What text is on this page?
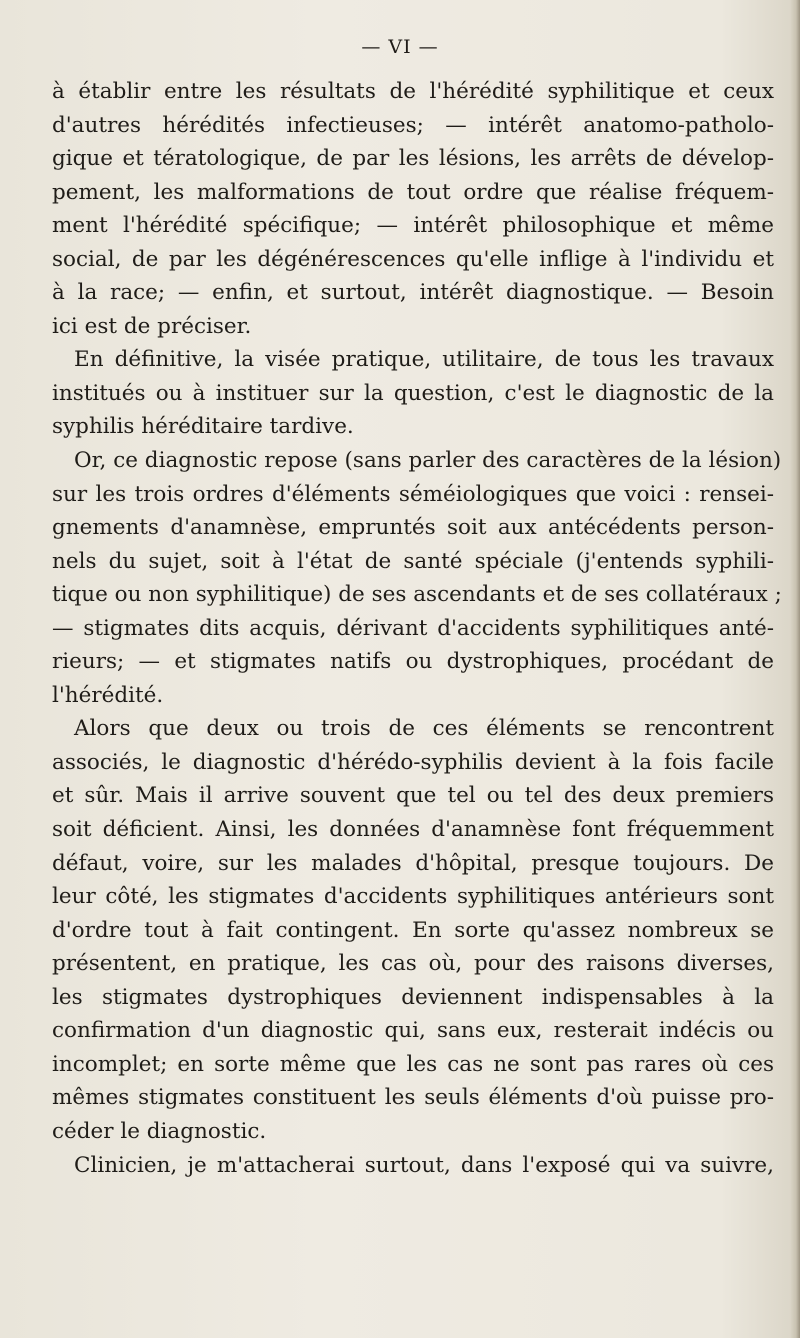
— VI —
à établir entre les résultats de l'hérédité syphilitique et ceux
d'autres hérédités infectieuses; — intérêt anatomo-patholo-
gique et tératologique, de par les lésions, les arrêts de dévelop-
pement, les malformations de tout ordre que réalise fréquem-
ment l'hérédité spécifique; — intérêt philosophique et même
social, de par les dégénérescences qu'elle inflige à l'individu et
à la race; — enfin, et surtout, intérêt diagnostique. — Besoin
ici est de préciser.
En définitive, la visée pratique, utilitaire, de tous les travaux
institués ou à instituer sur la question, c'est le diagnostic de la
syphilis héréditaire tardive.
Or, ce diagnostic repose (sans parler des caractères de la lésion)
sur les trois ordres d'éléments séméiologiques que voici : rensei-
gnements d'anamnèse, empruntés soit aux antécédents person-
nels du sujet, soit à l'état de santé spéciale (j'entends syphili-
tique ou non syphilitique) de ses ascendants et de ses collatéraux ;
— stigmates dits acquis, dérivant d'accidents syphilitiques anté-
rieurs; — et stigmates natifs ou dystrophiques, procédant de
l'hérédité.
Alors que deux ou trois de ces éléments se rencontrent
associés, le diagnostic d'hérédo-syphilis devient à la fois facile
et sûr. Mais il arrive souvent que tel ou tel des deux premiers
soit déficient. Ainsi, les données d'anamnèse font fréquemment
défaut, voire, sur les malades d'hôpital, presque toujours. De
leur côté, les stigmates d'accidents syphilitiques antérieurs sont
d'ordre tout à fait contingent. En sorte qu'assez nombreux se
présentent, en pratique, les cas où, pour des raisons diverses,
les stigmates dystrophiques deviennent indispensables à la
confirmation d'un diagnostic qui, sans eux, resterait indécis ou
incomplet; en sorte même que les cas ne sont pas rares où ces
mêmes stigmates constituent les seuls éléments d'où puisse pro-
céder le diagnostic.
Clinicien, je m'attacherai surtout, dans l'exposé qui va suivre,
